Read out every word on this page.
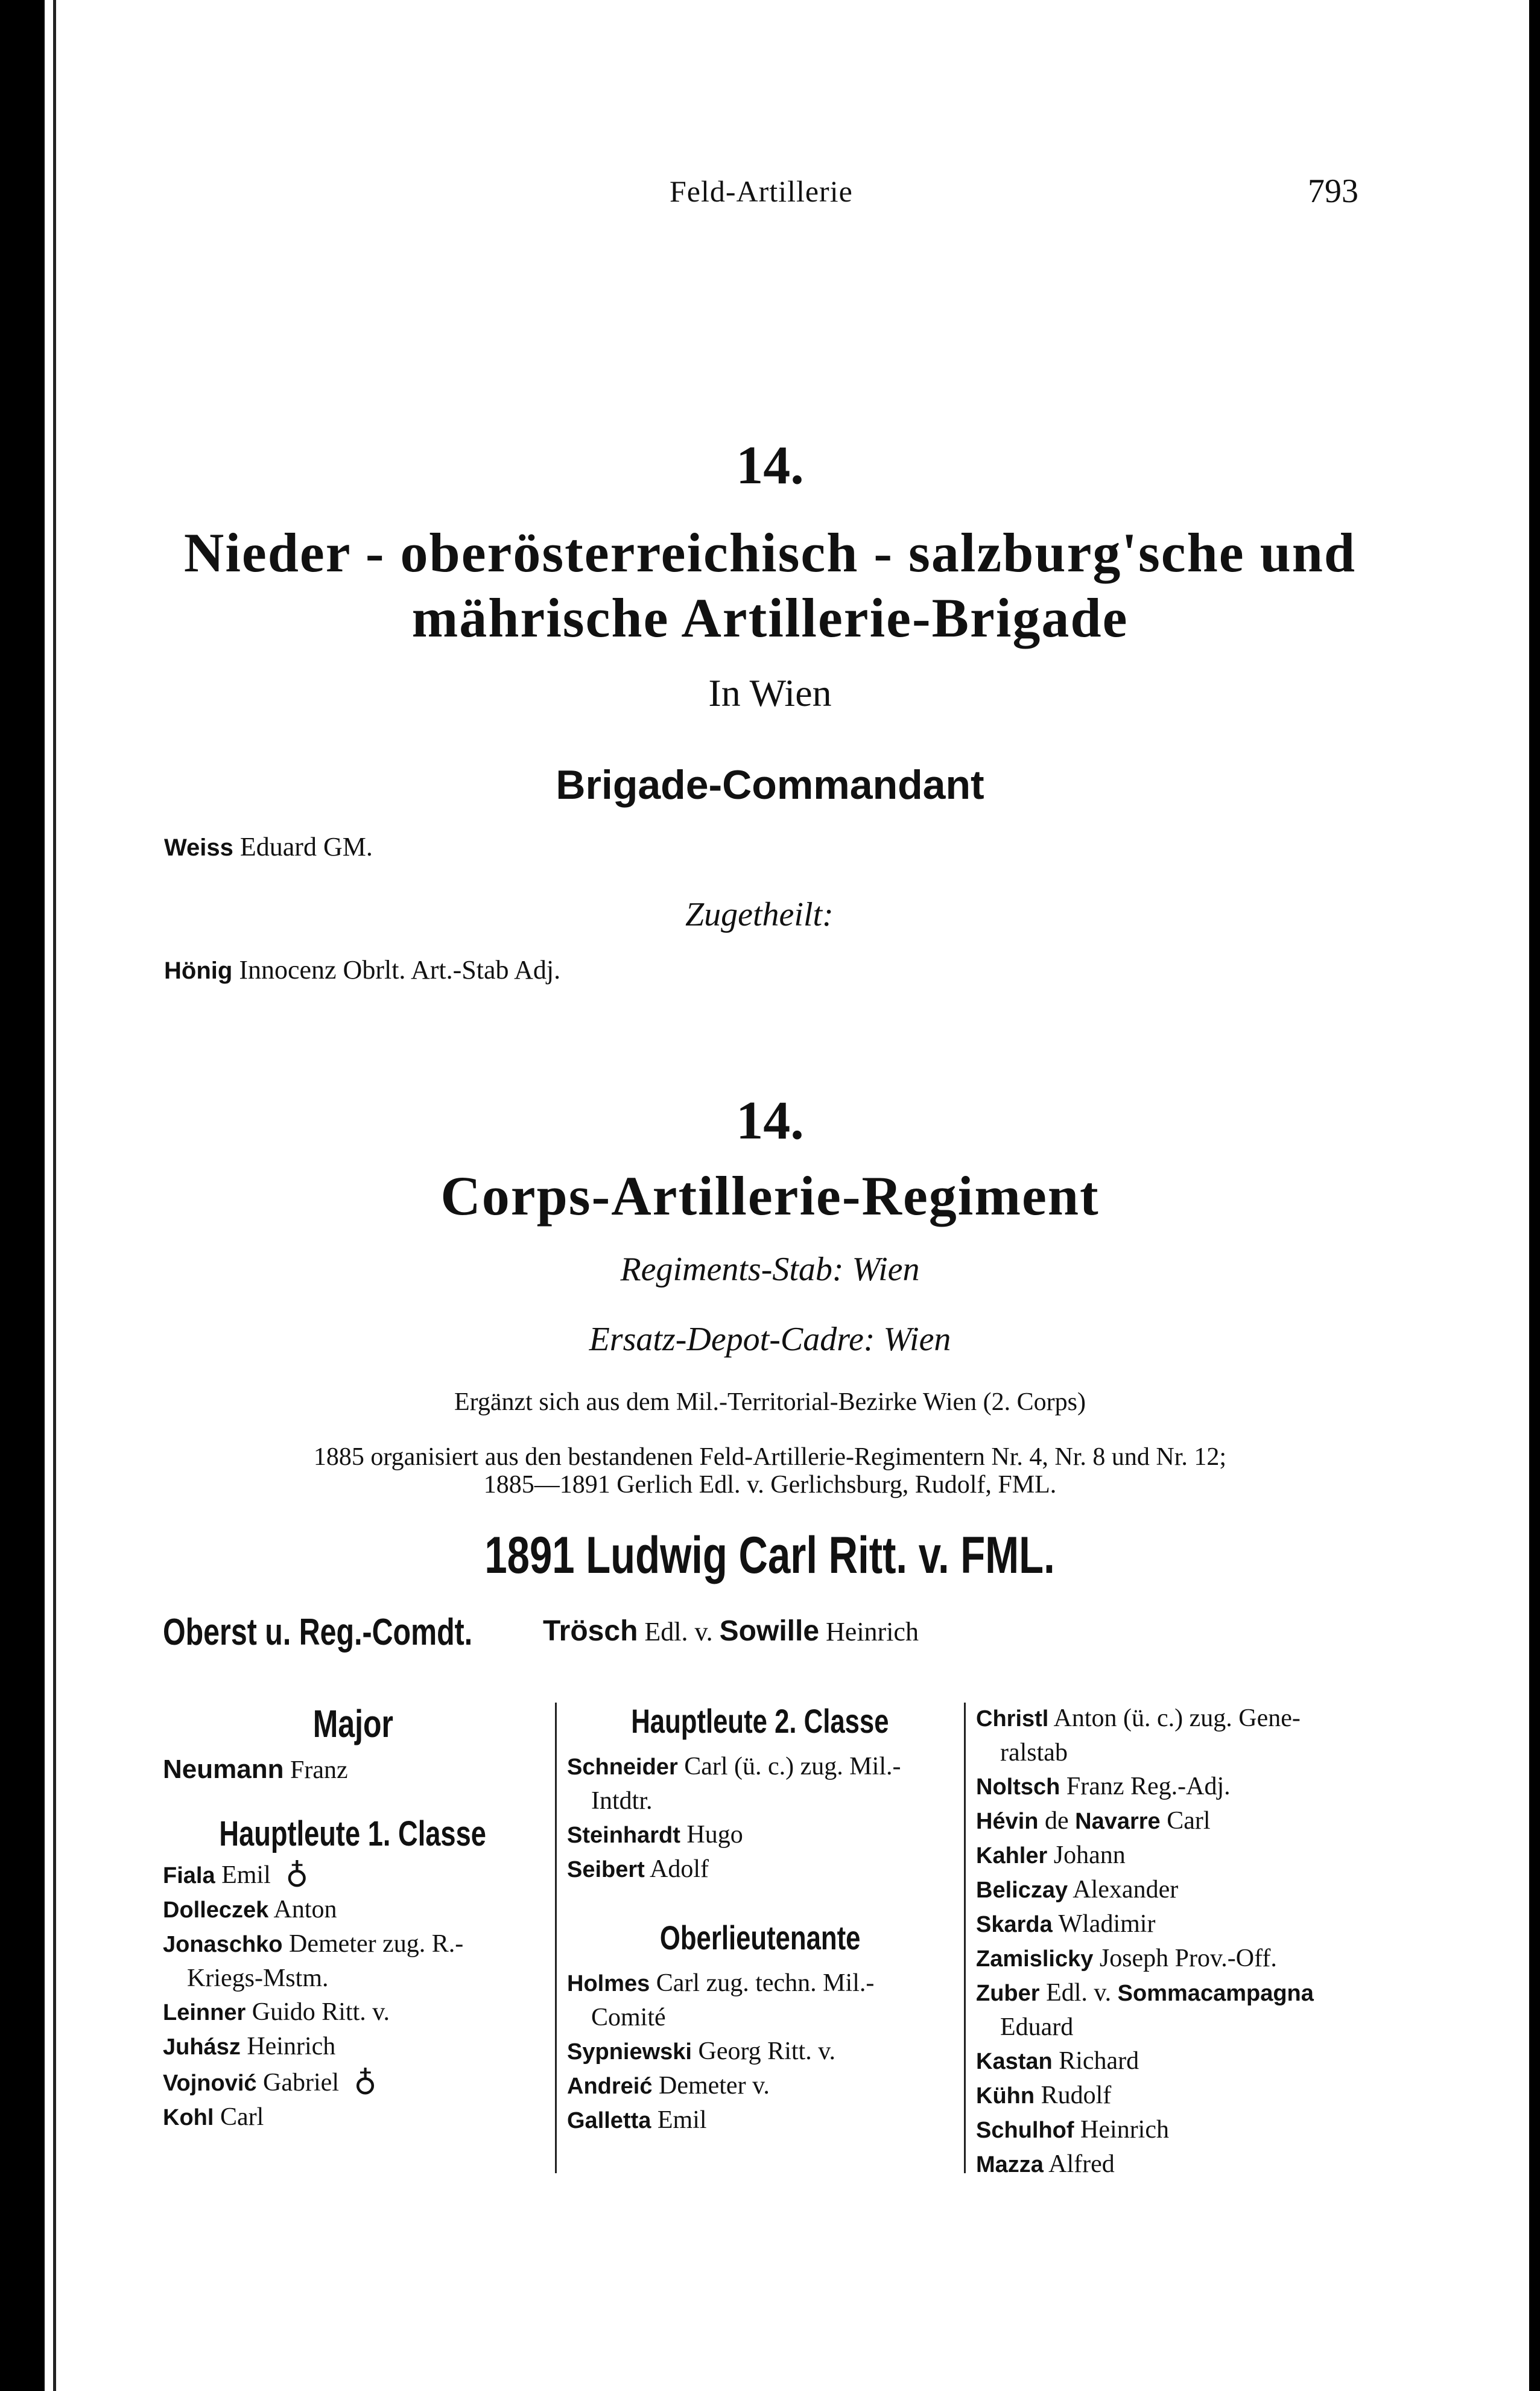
Feld-Artillerie	793
14.
Nieder - oberösterreichisch - salzburg'sche und
mährische Artillerie-Brigade
In Wien
Brigade-Commandant
Weiss Eduard GM.
Zugetheilt:
Hönig Innocenz Obrlt. Art.-Stab Adj.
14.
Corps-Artillerie-Regiment
Regiments-Stab: Wien
Ersatz-Depot-Cadre: Wien
Ergänzt sich aus dem Mil.-Territorial-Bezirke Wien (2. Corps)
1885 organisiert aus den bestandenen Feld-Artillerie-Regimentern Nr. 4, Nr. 8 und Nr. 12;
1885—1891 Gerlich Edl. v. Gerlichsburg, Rudolf, FML.
1891 Ludwig Carl Ritt. v. FML.
Oberst u. Reg.-Comdt.	Trösch Edl. v. Sowille Heinrich
Major
Neumann Franz
Hauptleute 1. Classe
Fiala Emil ♁
Dolleczek Anton
Jonaschko Demeter zug. R.-
Kriegs-Mstm.
Leinner Guido Ritt. v.
Juhász Heinrich
Vojnović Gabriel ♁
Kohl Carl
Hauptleute 2. Classe
Schneider Carl (ü. c.) zug. Mil.-
Intdtr.
Steinhardt Hugo
Seibert Adolf
Oberlieutenante
Holmes Carl zug. techn. Mil.-
Comité
Sypniewski Georg Ritt. v.
Andreić Demeter v.
Galletta Emil
Christl Anton (ü. c.) zug. Gene-
ralstab
Noltsch Franz Reg.-Adj.
Hévin de Navarre Carl
Kahler Johann
Beliczay Alexander
Skarda Wladimir
Zamislicky Joseph Prov.-Off.
Zuber Edl. v. Sommacampagna
Eduard
Kastan Richard
Kühn Rudolf
Schulhof Heinrich
Mazza Alfred
